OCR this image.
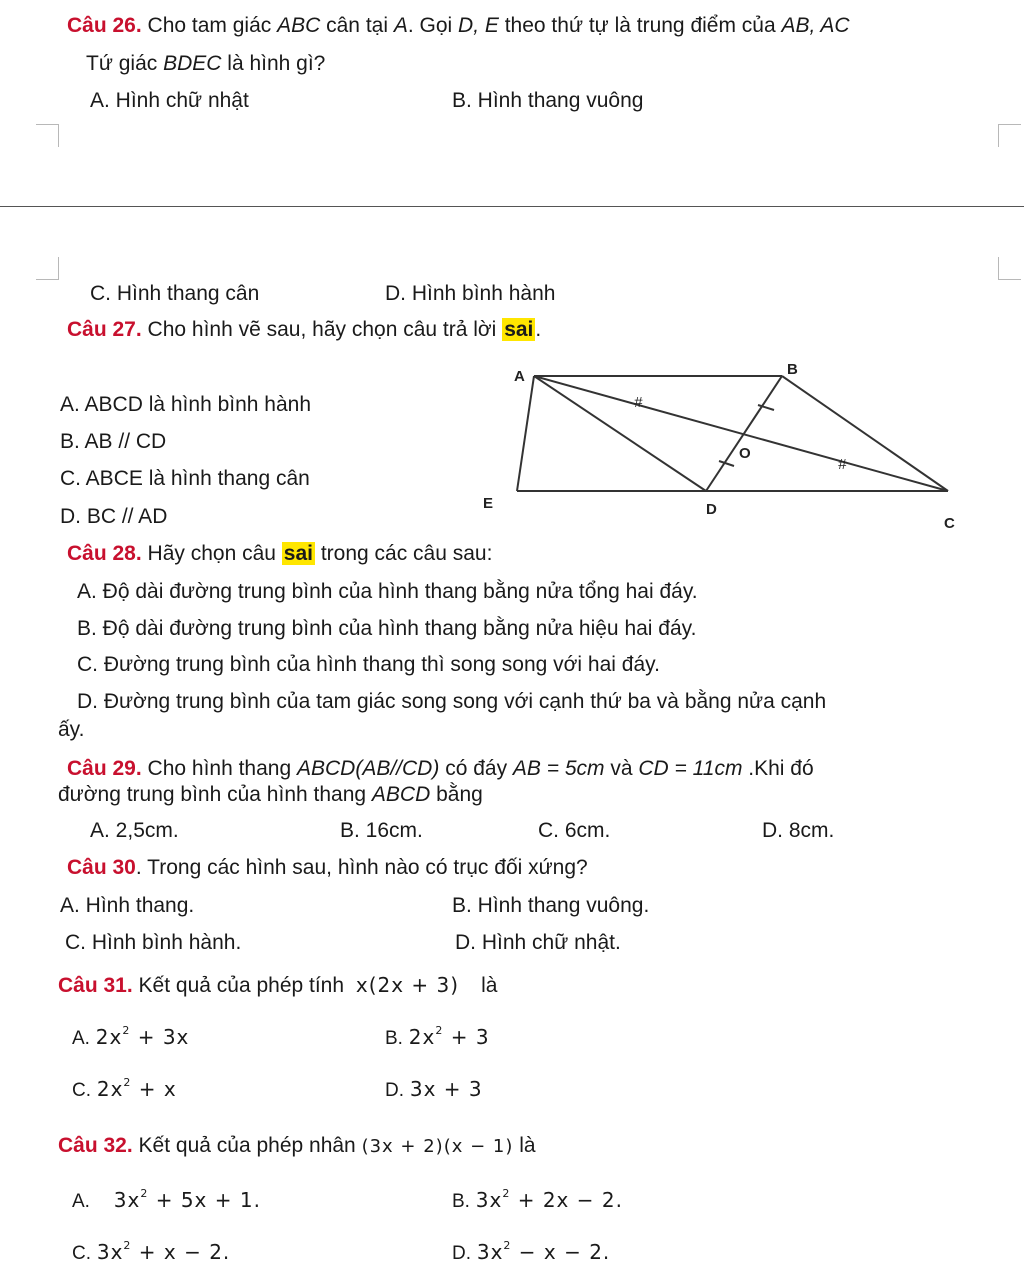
Câu 26. Cho tam giác ABC cân tại A. Gọi D, E theo thứ tự là trung điểm của AB, AC
Tứ giác BDEC là hình gì?
A. Hình chữ nhật	B. Hình thang vuông
C. Hình thang cân	D. Hình bình hành
Câu 27. Cho hình vẽ sau, hãy chọn câu trả lời sai.
A. ABCD là hình bình hành
B. AB // CD
C. ABCE là hình thang cân
D. BC // AD
A	B
O
E	D
C
#
#
Câu 28. Hãy chọn câu sai trong các câu sau:
A. Độ dài đường trung bình của hình thang bằng nửa tổng hai đáy.
B. Độ dài đường trung bình của hình thang bằng nửa hiệu hai đáy.
C. Đường trung bình của hình thang thì song song với hai đáy.
D. Đường trung bình của tam giác song song với cạnh thứ ba và bằng nửa cạnh
ấy.
Câu 29. Cho hình thang ABCD(AB//CD) có đáy AB = 5cm và CD = 11cm .Khi đó
đường trung bình của hình thang ABCD bằng
A. 2,5cm.	B. 16cm.	C. 6cm.	D. 8cm.
Câu 30. Trong các hình sau, hình nào có trục đối xứng?
A. Hình thang.	B. Hình thang vuông.
C. Hình bình hành.	D. Hình chữ nhật.
Câu 31. Kết quả của phép tính x(2x + 3) là
A. $2x^2 + 3x$	B. $2x^2 + 3$
C. $2x^2 + x$	D. 3x + 3
Câu 32. Kết quả của phép nhân (3x + 2)(x − 1) là
A. $3x^2 + 5x + 1$.	B. $3x^2 + 2x - 2$.
C. $3x^2 + x - 2$.	D. $3x^2 - x - 2$.
